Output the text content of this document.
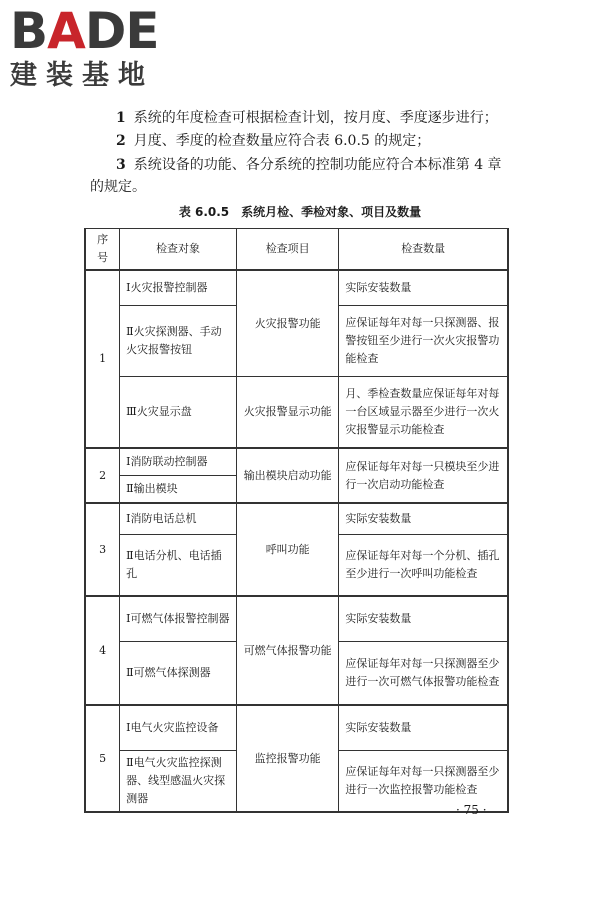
BADE
建装基地
1 系统的年度检查可根据检查计划，按月度、季度逐步进行；
2 月度、季度的检查数量应符合表 6.0.5 的规定；
3 系统设备的功能、各分系统的控制功能应符合本标准第 4 章的规定。
表 6.0.5　系统月检、季检对象、项目及数量
序号	检查对象	检查项目	检查数量
1	Ⅰ火灾报警控制器	火灾报警功能	实际安装数量
	Ⅱ火灾探测器、手动火灾报警按钮		应保证每年对每一只探测器、报警按钮至少进行一次火灾报警功能检查
	Ⅲ火灾显示盘	火灾报警显示功能	月、季检查数量应保证每年对每一台区域显示器至少进行一次火灾报警显示功能检查
2	Ⅰ消防联动控制器	输出模块启动功能	应保证每年对每一只模块至少进行一次启动功能检查
	Ⅱ输出模块		
3	Ⅰ消防电话总机	呼叫功能	实际安装数量
	Ⅱ电话分机、电话插孔		应保证每年对每一个分机、插孔至少进行一次呼叫功能检查
4	Ⅰ可燃气体报警控制器	可燃气体报警功能	实际安装数量
	Ⅱ可燃气体探测器		应保证每年对每一只探测器至少进行一次可燃气体报警功能检查
5	Ⅰ电气火灾监控设备	监控报警功能	实际安装数量
	Ⅱ电气火灾监控探测器、线型感温火灾探测器		应保证每年对每一只探测器至少进行一次监控报警功能检查
· 75 ·
